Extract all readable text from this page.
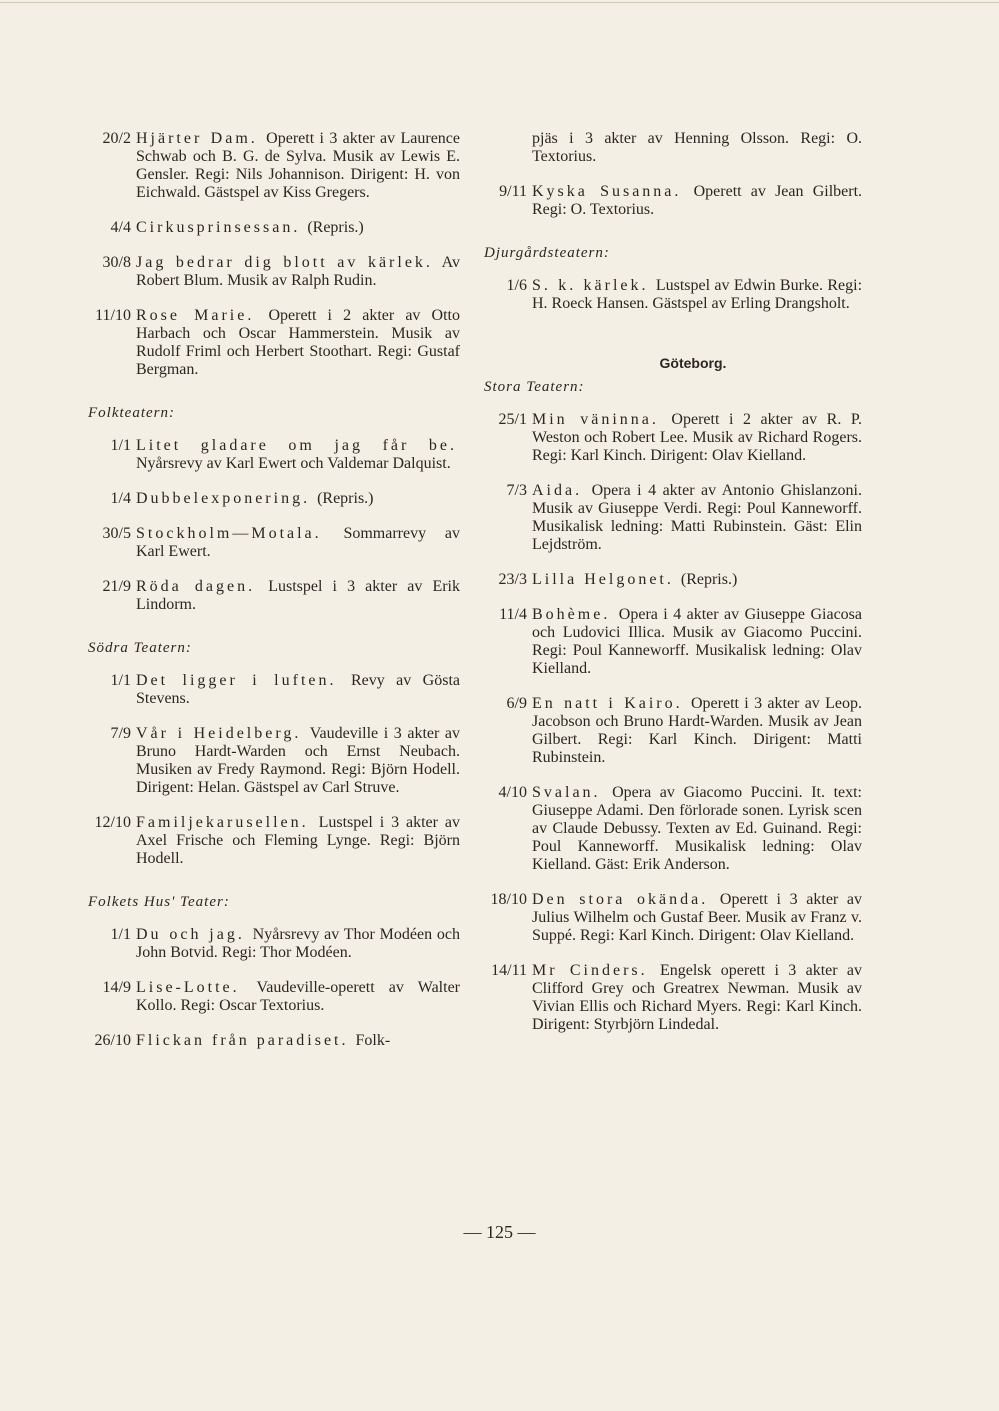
20/2 Hjärter Dam. Operett i 3 akter av Laurence Schwab och B. G. de Sylva. Musik av Lewis E. Gensler. Regi: Nils Johannison. Dirigent: H. von Eichwald. Gästspel av Kiss Gregers.
4/4 Cirkusprinsessan. (Repris.)
30/8 Jag bedrar dig blott av kärlek. Av Robert Blum. Musik av Ralph Rudin.
11/10 Rose Marie. Operett i 2 akter av Otto Harbach och Oscar Hammerstein. Musik av Rudolf Friml och Herbert Stoothart. Regi: Gustaf Bergman.
Folkteatern:
1/1 Litet gladare om jag får be. Nyårsrevy av Karl Ewert och Valdemar Dalquist.
1/4 Dubbelexponering. (Repris.)
30/5 Stockholm—Motala. Sommarrevy av Karl Ewert.
21/9 Röda dagen. Lustspel i 3 akter av Erik Lindorm.
Södra Teatern:
1/1 Det ligger i luften. Revy av Gösta Stevens.
7/9 Vår i Heidelberg. Vaudeville i 3 akter av Bruno Hardt-Warden och Ernst Neubach. Musiken av Fredy Raymond. Regi: Björn Hodell. Dirigent: Helan. Gästspel av Carl Struve.
12/10 Familjekarusellen. Lustspel i 3 akter av Axel Frische och Fleming Lynge. Regi: Björn Hodell.
Folkets Hus' Teater:
1/1 Du och jag. Nyårsrevy av Thor Modéen och John Botvid. Regi: Thor Modéen.
14/9 Lise-Lotte. Vaudeville-operett av Walter Kollo. Regi: Oscar Textorius.
26/10 Flickan från paradiset. Folk-
pjäs i 3 akter av Henning Olsson. Regi: O. Textorius.
9/11 Kyska Susanna. Operett av Jean Gilbert. Regi: O. Textorius.
Djurgårdsteatern:
1/6 S. k. kärlek. Lustspel av Edwin Burke. Regi: H. Roeck Hansen. Gästspel av Erling Drangsholt.
Göteborg.
Stora Teatern:
25/1 Min väninna. Operett i 2 akter av R. P. Weston och Robert Lee. Musik av Richard Rogers. Regi: Karl Kinch. Dirigent: Olav Kielland.
7/3 Aida. Opera i 4 akter av Antonio Ghislanzoni. Musik av Giuseppe Verdi. Regi: Poul Kanneworff. Musikalisk ledning: Matti Rubinstein. Gäst: Elin Lejdström.
23/3 Lilla Helgonet. (Repris.)
11/4 Bohème. Opera i 4 akter av Giuseppe Giacosa och Ludovici Illica. Musik av Giacomo Puccini. Regi: Poul Kanneworff. Musikalisk ledning: Olav Kielland.
6/9 En natt i Kairo. Operett i 3 akter av Leop. Jacobson och Bruno Hardt-Warden. Musik av Jean Gilbert. Regi: Karl Kinch. Dirigent: Matti Rubinstein.
4/10 Svalan. Opera av Giacomo Puccini. It. text: Giuseppe Adami. Den förlorade sonen. Lyrisk scen av Claude Debussy. Texten av Ed. Guinand. Regi: Poul Kanneworff. Musikalisk ledning: Olav Kielland. Gäst: Erik Anderson.
18/10 Den stora okända. Operett i 3 akter av Julius Wilhelm och Gustaf Beer. Musik av Franz v. Suppé. Regi: Karl Kinch. Dirigent: Olav Kielland.
14/11 Mr Cinders. Engelsk operett i 3 akter av Clifford Grey och Greatrex Newman. Musik av Vivian Ellis och Richard Myers. Regi: Karl Kinch. Dirigent: Styrbjörn Lindedal.
— 125 —
